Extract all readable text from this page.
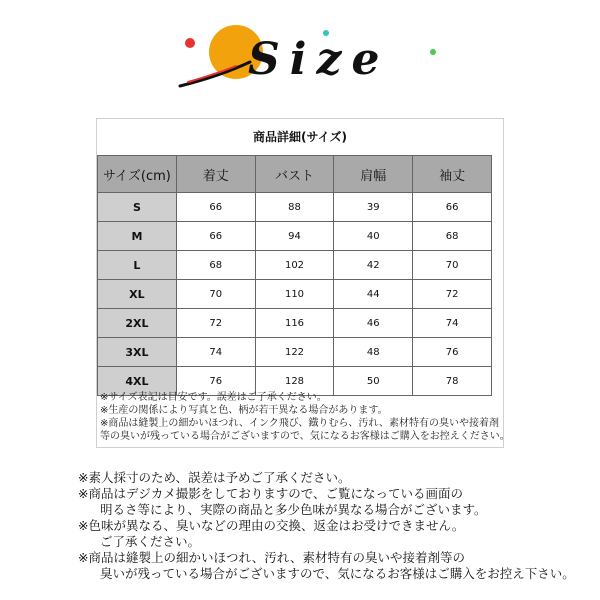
Size
商品詳細(サイズ)
サイズ(cm)	着丈	バスト	肩幅	袖丈
S	66	88	39	66
M	66	94	40	68
L	68	102	42	70
XL	70	110	44	72
2XL	72	116	46	74
3XL	74	122	48	76
4XL	76	128	50	78
※サイズ表記は目安です。誤差はご了承ください。
※生産の関係により写真と色、柄が若干異なる場合があります。
※商品は縫製上の細かいほつれ、インク飛び、鐡りむら、汚れ、素材特有の臭いや接着剤
等の臭いが残っている場合がございますので、気になるお客様はご購入をお控えください。
※素人採寸のため、誤差は予めご了承ください。
※商品はデジカメ撮影をしておりますので、ご覧になっている画面の
明るさ等により、実際の商品と多少色味が異なる場合がございます。
※色味が異なる、臭いなどの理由の交換、返金はお受けできません。
ご了承ください。
※商品は縫製上の細かいほつれ、汚れ、素材特有の臭いや接着剤等の
臭いが残っている場合がございますので、気になるお客様はご購入をお控え下さい。
